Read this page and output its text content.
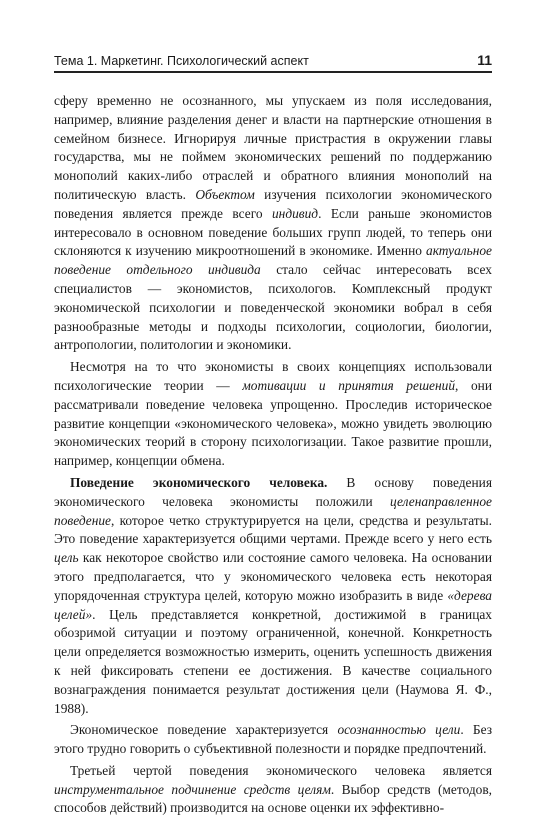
Тема 1. Маркетинг. Психологический аспект	11

сферу временно не осознанного, мы упускаем из поля исследования, например, влияние разделения денег и власти на партнерские отношения в семейном бизнесе. Игнорируя личные пристрастия в окружении главы государства, мы не поймем экономических решений по поддержанию монополий каких-либо отраслей и обратного влияния монополий на политическую власть. Объектом изучения психологии экономического поведения является прежде всего индивид. Если раньше экономистов интересовало в основном поведение больших групп людей, то теперь они склоняются к изучению микроотношений в экономике. Именно актуальное поведение отдельного индивида стало сейчас интересовать всех специалистов — экономистов, психологов. Комплексный продукт экономической психологии и поведенческой экономики вобрал в себя разнообразные методы и подходы психологии, социологии, биологии, антропологии, политологии и экономики.

Несмотря на то что экономисты в своих концепциях использовали психологические теории — мотивации и принятия решений, они рассматривали поведение человека упрощенно. Проследив историческое развитие концепции «экономического человека», можно увидеть эволюцию экономических теорий в сторону психологизации. Такое развитие прошли, например, концепции обмена.

Поведение экономического человека. В основу поведения экономического человека экономисты положили целенаправленное поведение, которое четко структурируется на цели, средства и результаты. Это поведение характеризуется общими чертами. Прежде всего у него есть цель как некоторое свойство или состояние самого человека. На основании этого предполагается, что у экономического человека есть некоторая упорядоченная структура целей, которую можно изобразить в виде «дерева целей». Цель представляется конкретной, достижимой в границах обозримой ситуации и поэтому ограниченной, конечной. Конкретность цели определяется возможностью измерить, оценить успешность движения к ней фиксировать степени ее достижения. В качестве социального вознаграждения понимается результат достижения цели (Наумова Я. Ф., 1988).

Экономическое поведение характеризуется осознанностью цели. Без этого трудно говорить о субъективной полезности и порядке предпочтений.

Третьей чертой поведения экономического человека является инструментальное подчинение средств целям. Выбор средств (методов, способов действий) производится на основе оценки их эффективно-
